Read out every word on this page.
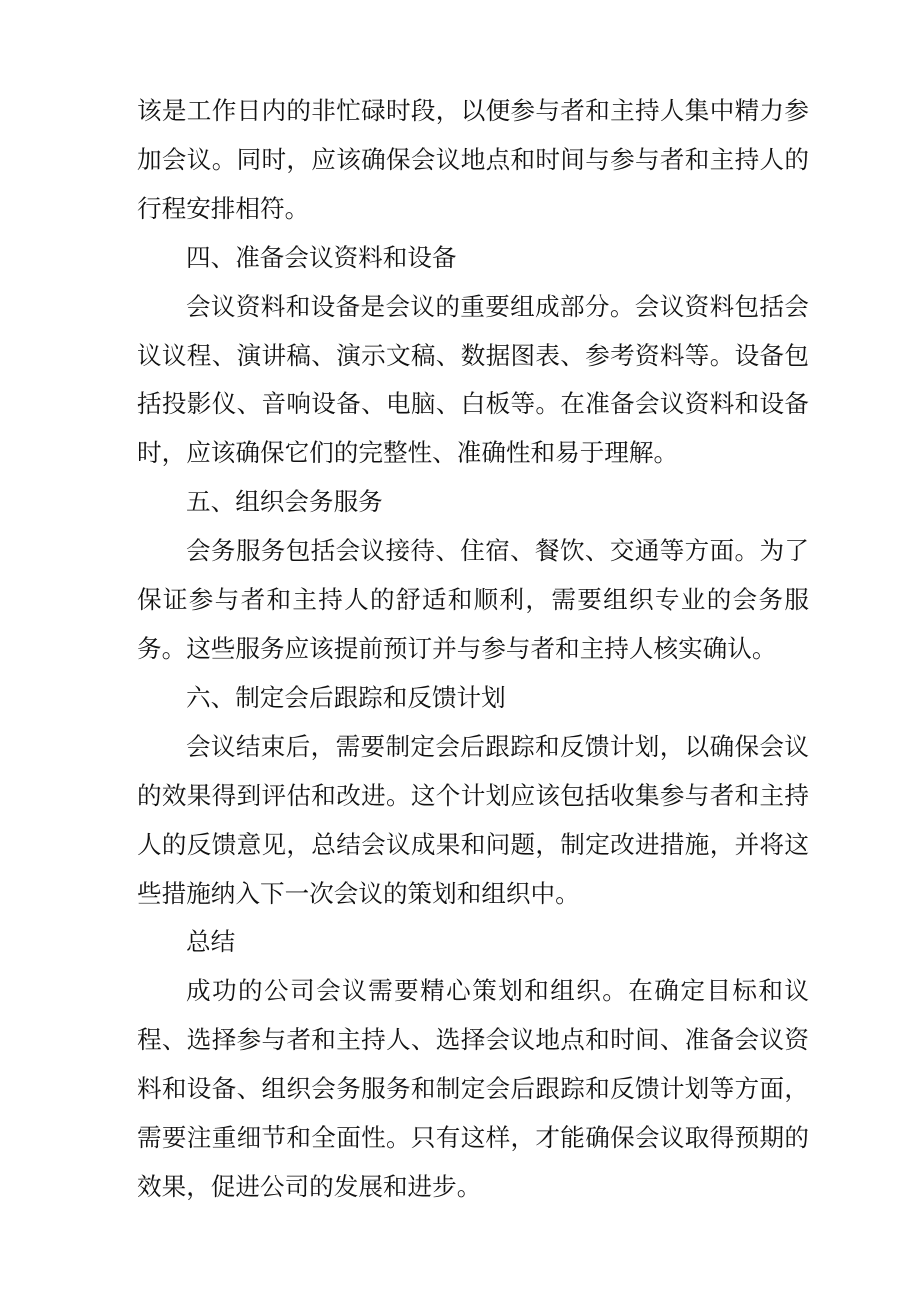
该是工作日内的非忙碌时段，以便参与者和主持人集中精力参加会议。同时，应该确保会议地点和时间与参与者和主持人的行程安排相符。

四、准备会议资料和设备

会议资料和设备是会议的重要组成部分。会议资料包括会议议程、演讲稿、演示文稿、数据图表、参考资料等。设备包括投影仪、音响设备、电脑、白板等。在准备会议资料和设备时，应该确保它们的完整性、准确性和易于理解。

五、组织会务服务

会务服务包括会议接待、住宿、餐饮、交通等方面。为了保证参与者和主持人的舒适和顺利，需要组织专业的会务服务。这些服务应该提前预订并与参与者和主持人核实确认。

六、制定会后跟踪和反馈计划

会议结束后，需要制定会后跟踪和反馈计划，以确保会议的效果得到评估和改进。这个计划应该包括收集参与者和主持人的反馈意见，总结会议成果和问题，制定改进措施，并将这些措施纳入下一次会议的策划和组织中。

总结

成功的公司会议需要精心策划和组织。在确定目标和议程、选择参与者和主持人、选择会议地点和时间、准备会议资料和设备、组织会务服务和制定会后跟踪和反馈计划等方面，需要注重细节和全面性。只有这样，才能确保会议取得预期的效果，促进公司的发展和进步。
